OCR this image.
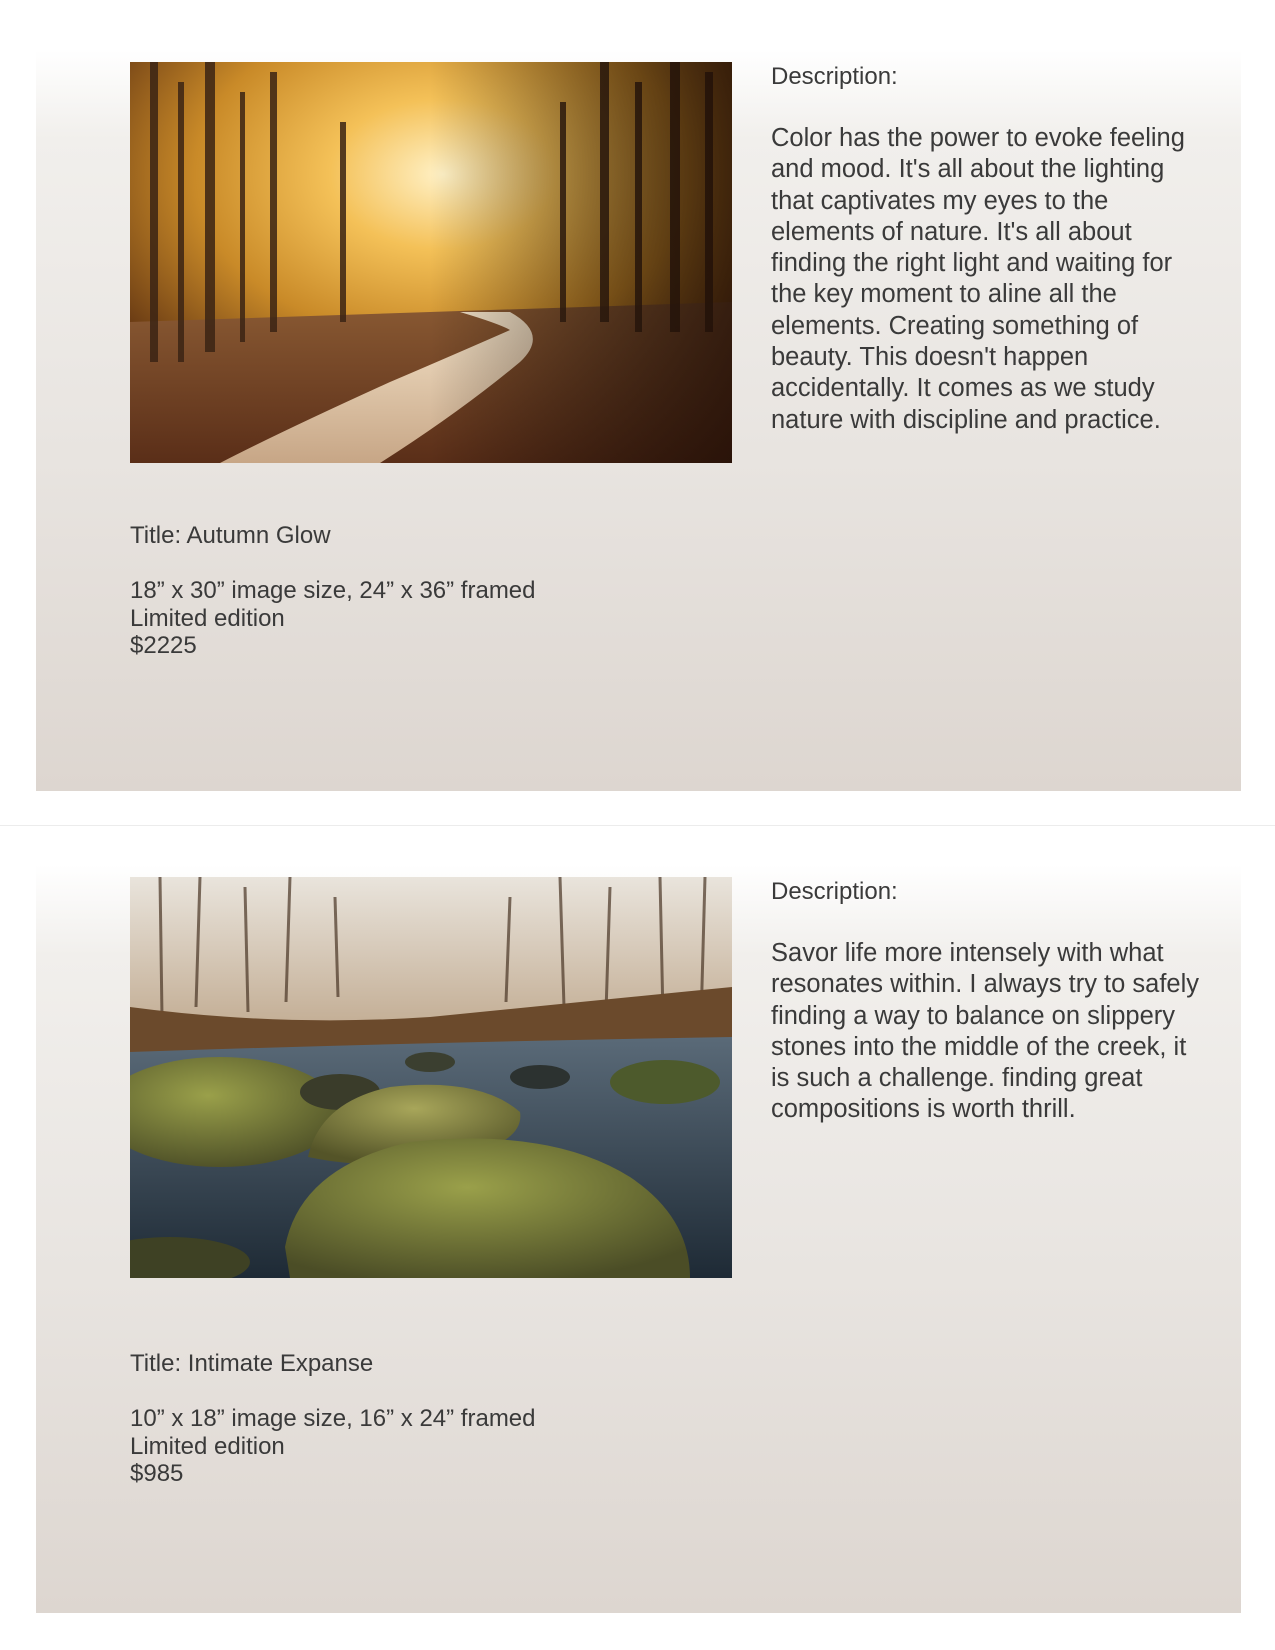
Description:

Color has the power to evoke feeling and mood. It's all about the lighting that captivates my eyes to the elements of nature. It's all about finding the right light and waiting for the key moment to aline all the elements. Creating something of beauty. This doesn't happen accidentally. It comes as we study nature with discipline and practice.

Title: Autumn Glow

18” x 30” image size, 24” x 36” framed

Limited edition

$2225

Description:

Savor life more intensely with what resonates within. I always try to safely finding a way to balance on slippery stones into the middle of the creek, it is such a challenge. finding great compositions is worth thrill.

Title: Intimate Expanse

10” x 18” image size, 16” x 24” framed

Limited edition

$985
